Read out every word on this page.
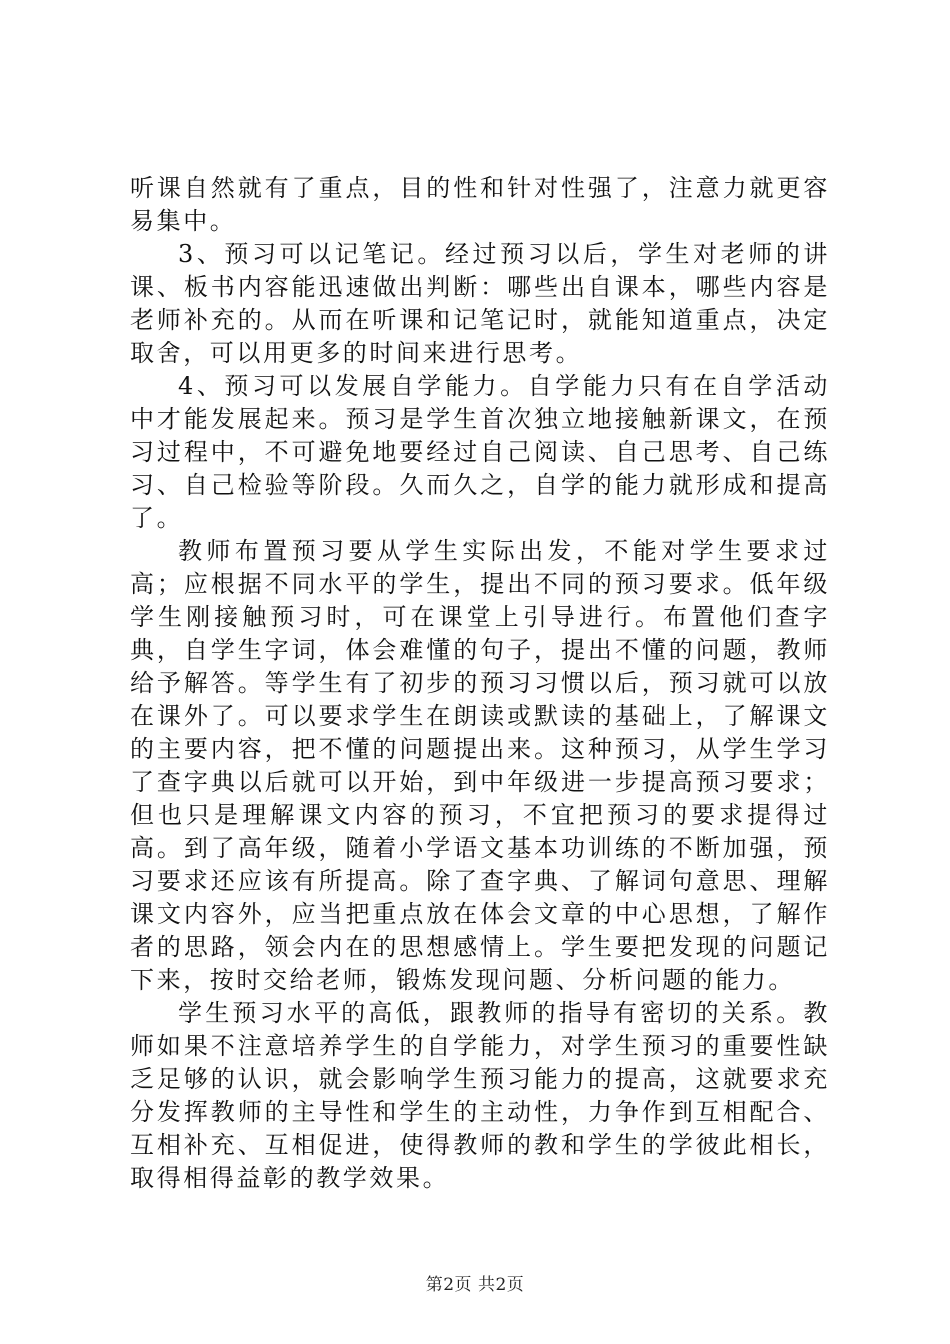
听课自然就有了重点，目的性和针对性强了，注意力就更容易集中。

3、预习可以记笔记。经过预习以后，学生对老师的讲课、板书内容能迅速做出判断：哪些出自课本，哪些内容是老师补充的。从而在听课和记笔记时，就能知道重点，决定取舍，可以用更多的时间来进行思考。

4、预习可以发展自学能力。自学能力只有在自学活动中才能发展起来。预习是学生首次独立地接触新课文，在预习过程中，不可避免地要经过自己阅读、自己思考、自己练习、自己检验等阶段。久而久之，自学的能力就形成和提高了。

教师布置预习要从学生实际出发，不能对学生要求过高；应根据不同水平的学生，提出不同的预习要求。低年级学生刚接触预习时，可在课堂上引导进行。布置他们查字典，自学生字词，体会难懂的句子，提出不懂的问题，教师给予解答。等学生有了初步的预习习惯以后，预习就可以放在课外了。可以要求学生在朗读或默读的基础上，了解课文的主要内容，把不懂的问题提出来。这种预习，从学生学习了查字典以后就可以开始，到中年级进一步提高预习要求；但也只是理解课文内容的预习，不宜把预习的要求提得过高。到了高年级，随着小学语文基本功训练的不断加强，预习要求还应该有所提高。除了查字典、了解词句意思、理解课文内容外，应当把重点放在体会文章的中心思想，了解作者的思路，领会内在的思想感情上。学生要把发现的问题记下来，按时交给老师，锻炼发现问题、分析问题的能力。

学生预习水平的高低，跟教师的指导有密切的关系。教师如果不注意培养学生的自学能力，对学生预习的重要性缺乏足够的认识，就会影响学生预习能力的提高，这就要求充分发挥教师的主导性和学生的主动性，力争作到互相配合、互相补充、互相促进，使得教师的教和学生的学彼此相长，取得相得益彰的教学效果。

第2页 共2页
